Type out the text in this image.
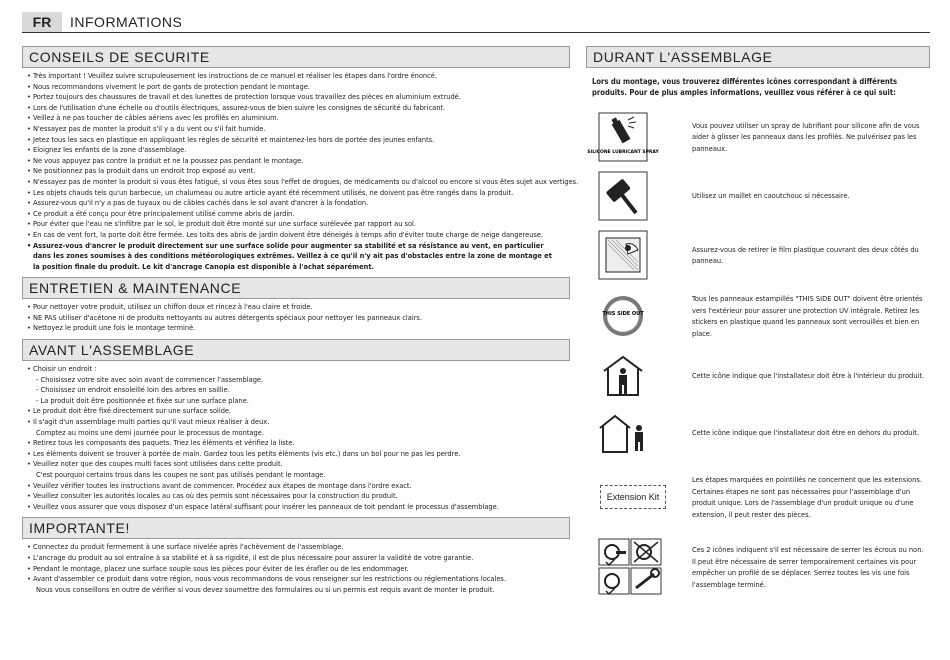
FR	INFORMATIONS
CONSEILS DE SECURITE
• Très important ! Veuillez suivre scrupuleusement les instructions de ce manuel et réaliser les étapes dans l'ordre énoncé.
• Nous recommandons vivement le port de gants de protection pendant le montage.
• Portez toujours des chaussures de travail et des lunettes de protection lorsque vous travaillez des pièces en aluminium extrudé.
• Lors de l'utilisation d'une échelle ou d'outils électriques, assurez-vous de bien suivre les consignes de sécurité du fabricant.
• Veillez à ne pas toucher de câbles aériens avec les profilés en aluminium.
• N'essayez pas de monter la produit s'il y a du vent ou s'il fait humide.
• Jetez tous les sacs en plastique en appliquant les règles de sécurité et maintenez-les hors de portée des jeunes enfants.
• Eloignez les enfants de la zone d'assemblage.
• Ne vous appuyez pas contre la produit et ne la poussez pas pendant le montage.
• Ne positionnez pas la produit dans un endroit trop exposé au vent.
• N'essayez pas de monter la produit si vous êtes fatigué, si vous êtes sous l'effet de drogues, de médicaments ou d'alcool ou encore si vous êtes sujet aux vertiges.
• Les objets chauds tels qu'un barbecue, un chalumeau ou autre article ayant été récemment utilisés, ne doivent pas être rangés dans la produit.
• Assurez-vous qu'il n'y a pas de tuyaux ou de câbles cachés dans le sol avant d'ancrer à la fondation.
• Ce produit a été conçu pour être principalement utilisé comme abris de jardin.
• Pour éviter que l'eau ne s'infiltre par le sol, le produit doit être monté sur une surface surélevée par rapport au sol.
• En cas de vent fort, la porte doit être fermée. Les toits des abris de jardin doivent être déneigés à temps afin d'éviter toute charge de neige dangereuse.
• Assurez-vous d'ancrer le produit directement sur une surface solide pour augmenter sa stabilité et sa résistance au vent, en particulier dans les zones soumises à des conditions météorologiques extrêmes. Veillez à ce qu'il n'y ait pas d'obstacles entre la zone de montage et la position finale du produit. Le kit d'ancrage Canopia est disponible à l'achat séparément.
ENTRETIEN & MAINTENANCE
• Pour nettoyer votre produit, utilisez un chiffon doux et rincez à l'eau claire et froide.
• NE PAS utiliser d'acétone ni de produits nettoyants ou autres détergents spéciaux pour nettoyer les panneaux clairs.
• Nettoyez le produit une fois le montage terminé.
AVANT L'ASSEMBLAGE
• Choisir un endroit :
- Choisissez votre site avec soin avant de commencer l'assemblage.
- Choisissez un endroit ensoleillé loin des arbres en saillie.
- La produit doit être positionnée et fixée sur une surface plane.
• Le produit doit être fixé directement sur une surface solide.
• Il s'agit d'un assemblage multi parties qu'il vaut mieux réaliser à deux.
Comptez au moins une demi journée pour le processus de montage.
• Retirez tous les composants des paquets. Triez les éléments et vérifiez la liste.
• Les éléments doivent se trouver à portée de main. Gardez tous les petits éléments (vis etc.) dans un bol pour ne pas les perdre.
• Veuillez noter que des coupes multi faces sont utilisées dans cette produit.
C'est pourquoi certains trous dans les coupes ne sont pas utilisés pendant le montage.
• Veuillez vérifier toutes les instructions avant de commencer. Procédez aux étapes de montage dans l'ordre exact.
• Veuillez consulter les autorités locales au cas où des permis sont nécessaires pour la construction du produit.
• Veuillez vous assurer que vous disposez d'un espace latéral suffisant pour insérer les panneaux de toit pendant le processus d'assemblage.
IMPORTANTE!
• Connectez du produit fermement à une surface nivelée après l'achèvement de l'assemblage.
• L'ancrage du produit au sol entraîne à sa stabilité et à sa rigidité, il est de plus nécessaire pour assurer la validité de votre garantie.
• Pendant le montage, placez une surface souple sous les pièces pour éviter de les érafler ou de les endommager.
• Avant d'assembler ce produit dans votre région, nous vous recommandons de vous renseigner sur les restrictions ou réglementations locales.
Nous vous conseillons en outre de vérifier si vous devez soumettre des formulaires ou si un permis est requis avant de monter le produit.
DURANT L'ASSEMBLAGE
Lors du montage, vous trouverez différentes icônes correspondant à différents produits. Pour de plus amples informations, veuillez vous référer à ce qui suit:
SILICONE LUBRICANT SPRAY
Vous pouvez utiliser un spray de lubrifiant pour silicone afin de vous aider à glisser les panneaux dans les profilés. Ne pulvérisez pas les panneaux.
Utilisez un maillet en caoutchouc si nécessaire.
Assurez-vous de retirer le film plastique couvrant des deux côtés du panneau.
THIS SIDE OUT
Tous les panneaux estampillés "THIS SIDE OUT" doivent être orientés vers l'extérieur pour assurer une protection UV intégrale. Retirez les stickers en plastique quand les panneaux sont verrouillés et bien en place.
Cette icône indique que l'installateur doit être à l'intérieur du produit.
Cette icône indique que l'installateur doit être en dehors du produit.
Extension Kit
Les étapes marquées en pointillés ne concernent que les extensions. Certaines étapes ne sont pas nécessaires pour l'assemblage d'un produit unique. Lors de l'assemblage d'un produit unique ou d'une extension, il peut rester des pièces.
Ces 2 icônes indiquent s'il est nécessaire de serrer les écrous ou non. Il peut être nécessaire de serrer temporairement certaines vis pour empêcher un profilé de se déplacer. Serrez toutes les vis une fois l'assemblage terminé.
